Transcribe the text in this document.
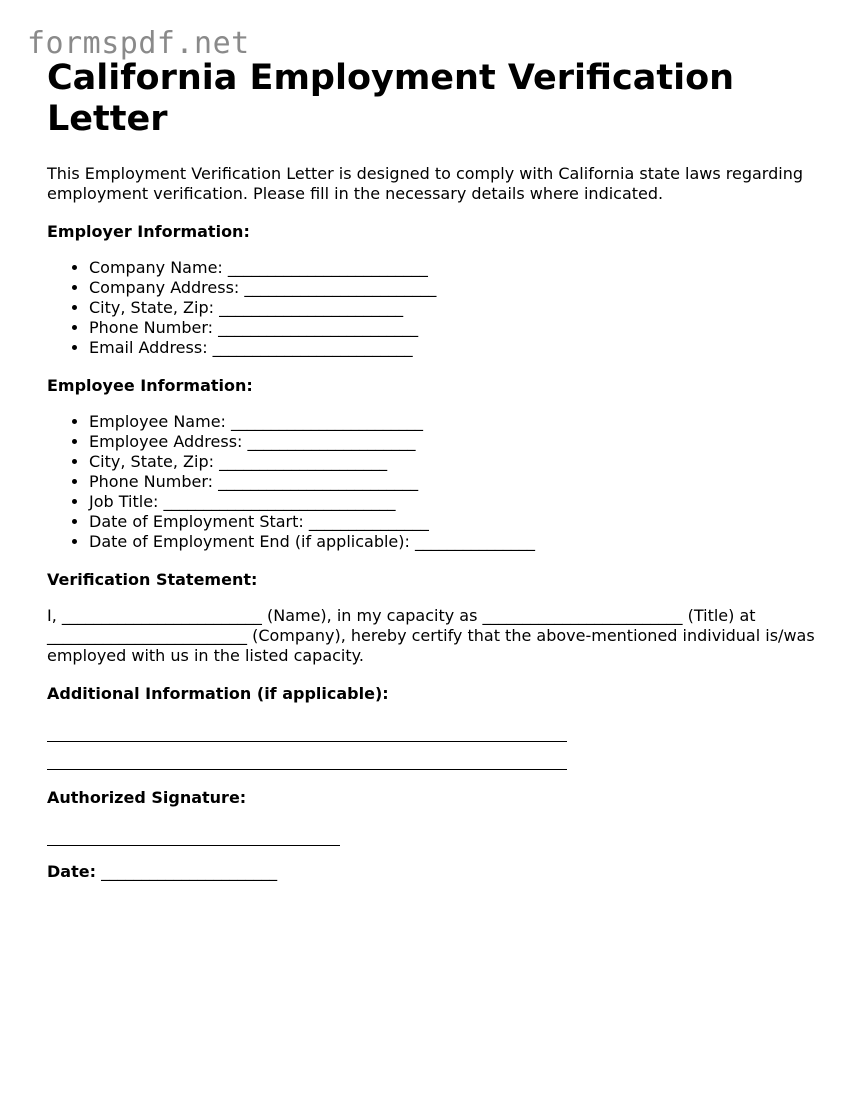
formspdf.net
California Employment Verification Letter

This Employment Verification Letter is designed to comply with California state laws regarding employment verification. Please fill in the necessary details where indicated.

Employer Information:
• Company Name: _________________________
• Company Address: ________________________
• City, State, Zip: _______________________
• Phone Number: _________________________
• Email Address: _________________________
Employee Information:
• Employee Name: ________________________
• Employee Address: _____________________
• City, State, Zip: _____________________
• Phone Number: _________________________
• Job Title: _____________________________
• Date of Employment Start: _______________
• Date of Employment End (if applicable): _______________
Verification Statement:
I, _________________________ (Name), in my capacity as _________________________ (Title) at _________________________ (Company), hereby certify that the above-mentioned individual is/was employed with us in the listed capacity.
Additional Information (if applicable):
Authorized Signature:
Date: ______________________
